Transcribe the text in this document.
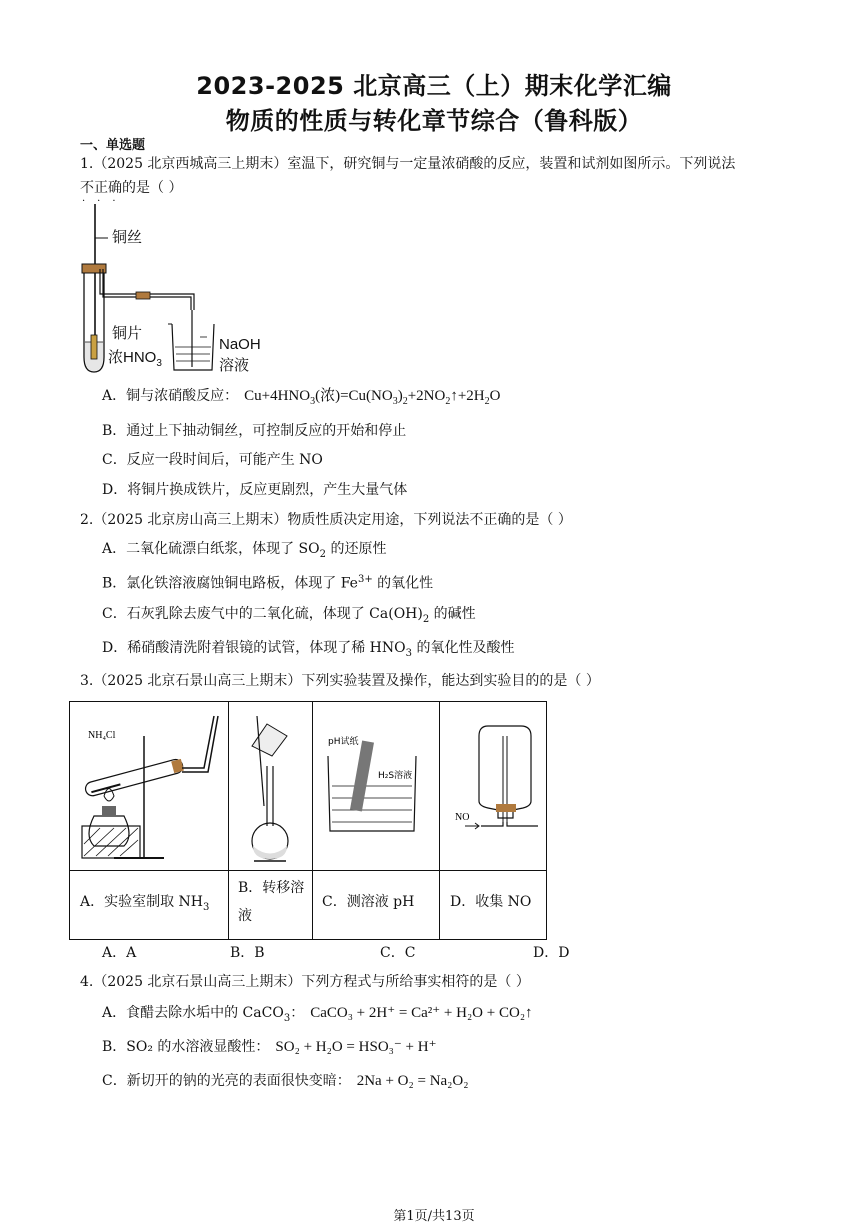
2023-2025 北京高三（上）期末化学汇编
物质的性质与转化章节综合（鲁科版）
一、单选题
1.（2025 北京西城高三上期末）室温下，研究铜与一定量浓硝酸的反应，装置和试剂如图所示。下列说法
不正确的是（ ）
···
铜丝
铜片
浓$HNO_3$
NaOH
溶液
A．铜与浓硝酸反应： $Cu+4HNO_3$(浓)$=Cu(NO_3)_2+2NO_2↑+2H_2O$
B．通过上下抽动铜丝，可控制反应的开始和停止
C．反应一段时间后，可能产生 NO
D．将铜片换成铁片，反应更剧烈，产生大量气体
2.（2025 北京房山高三上期末）物质性质决定用途，下列说法不正确的是（ ）
A．二氧化硫漂白纸浆，体现了 $SO_2$ 的还原性
B．氯化铁溶液腐蚀铜电路板，体现了 $Fe^{3+}$ 的氧化性
C．石灰乳除去废气中的二氧化硫，体现了 $Ca(OH)_2$ 的碱性
D．稀硝酸清洗附着银镜的试管，体现了稀 $HNO_3$ 的氧化性及酸性
3.（2025 北京石景山高三上期末）下列实验装置及操作，能达到实验目的的是（ ）
NH₄Cl
pH试纸
H₂S溶液
NO
A．实验室制取 $NH_3$
B．转移溶
液
C．测溶液 pH	D．收集 NO
A．A	B．B	C．C	D．D
4.（2025 北京石景山高三上期末）下列方程式与所给事实相符的是（ ）
A．食醋去除水垢中的 CaCO$_3$： CaCO₃ + 2H⁺ = Ca²⁺ + H₂O + CO₂↑
B．SO₂ 的水溶液显酸性： SO₂ + H₂O = HSO₃⁻ + H⁺
C．新切开的钠的光亮的表面很快变暗： 2Na + O₂ = Na₂O₂
第1页/共13页
